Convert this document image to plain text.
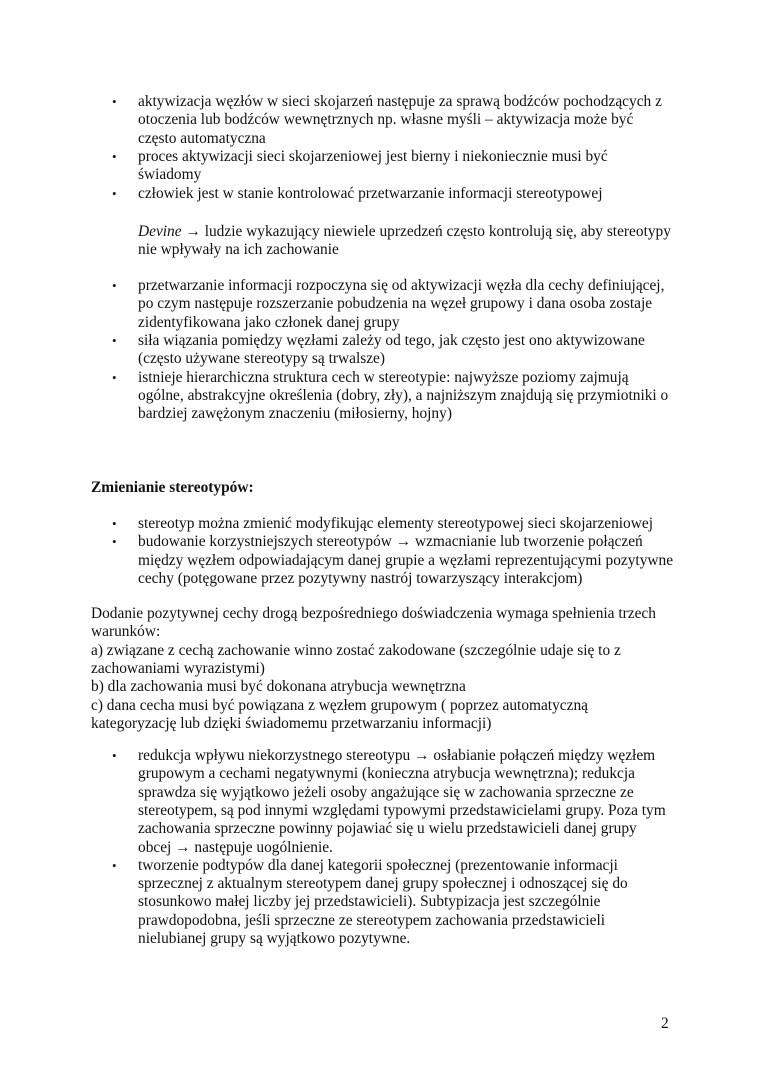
• aktywizacja węzłów w sieci skojarzeń następuje za sprawą bodźców pochodzących z
otoczenia lub bodźców wewnętrznych np. własne myśli – aktywizacja może być
często automatyczna
• proces aktywizacji sieci skojarzeniowej jest bierny i niekoniecznie musi być
świadomy
• człowiek jest w stanie kontrolować przetwarzanie informacji stereotypowej
Devine → ludzie wykazujący niewiele uprzedzeń często kontrolują się, aby stereotypy
nie wpływały na ich zachowanie
• przetwarzanie informacji rozpoczyna się od aktywizacji węzła dla cechy definiującej,
po czym następuje rozszerzanie pobudzenia na węzeł grupowy i dana osoba zostaje
zidentyfikowana jako członek danej grupy
• siła wiązania pomiędzy węzłami zależy od tego, jak często jest ono aktywizowane
(często używane stereotypy są trwalsze)
• istnieje hierarchiczna struktura cech w stereotypie: najwyższe poziomy zajmują
ogólne, abstrakcyjne określenia (dobry, zły), a najniższym znajdują się przymiotniki o
bardziej zawężonym znaczeniu (miłosierny, hojny)
Zmienianie stereotypów:
• stereotyp można zmienić modyfikując elementy stereotypowej sieci skojarzeniowej
• budowanie korzystniejszych stereotypów → wzmacnianie lub tworzenie połączeń
między węzłem odpowiadającym danej grupie a węzłami reprezentującymi pozytywne
cechy (potęgowane przez pozytywny nastrój towarzyszący interakcjom)
Dodanie pozytywnej cechy drogą bezpośredniego doświadczenia wymaga spełnienia trzech
warunków:
a) związane z cechą zachowanie winno zostać zakodowane (szczególnie udaje się to z
zachowaniami wyrazistymi)
b) dla zachowania musi być dokonana atrybucja wewnętrzna
c) dana cecha musi być powiązana z węzłem grupowym ( poprzez automatyczną
kategoryzację lub dzięki świadomemu przetwarzaniu informacji)
• redukcja wpływu niekorzystnego stereotypu → osłabianie połączeń między węzłem
grupowym a cechami negatywnymi (konieczna atrybucja wewnętrzna); redukcja
sprawdza się wyjątkowo jeżeli osoby angażujące się w zachowania sprzeczne ze
stereotypem, są pod innymi względami typowymi przedstawicielami grupy. Poza tym
zachowania sprzeczne powinny pojawiać się u wielu przedstawicieli danej grupy
obcej → następuje uogólnienie.
• tworzenie podtypów dla danej kategorii społecznej (prezentowanie informacji
sprzecznej z aktualnym stereotypem danej grupy społecznej i odnoszącej się do
stosunkowo małej liczby jej przedstawicieli). Subtypizacja jest szczególnie
prawdopodobna, jeśli sprzeczne ze stereotypem zachowania przedstawicieli
nielubianej grupy są wyjątkowo pozytywne.
2
